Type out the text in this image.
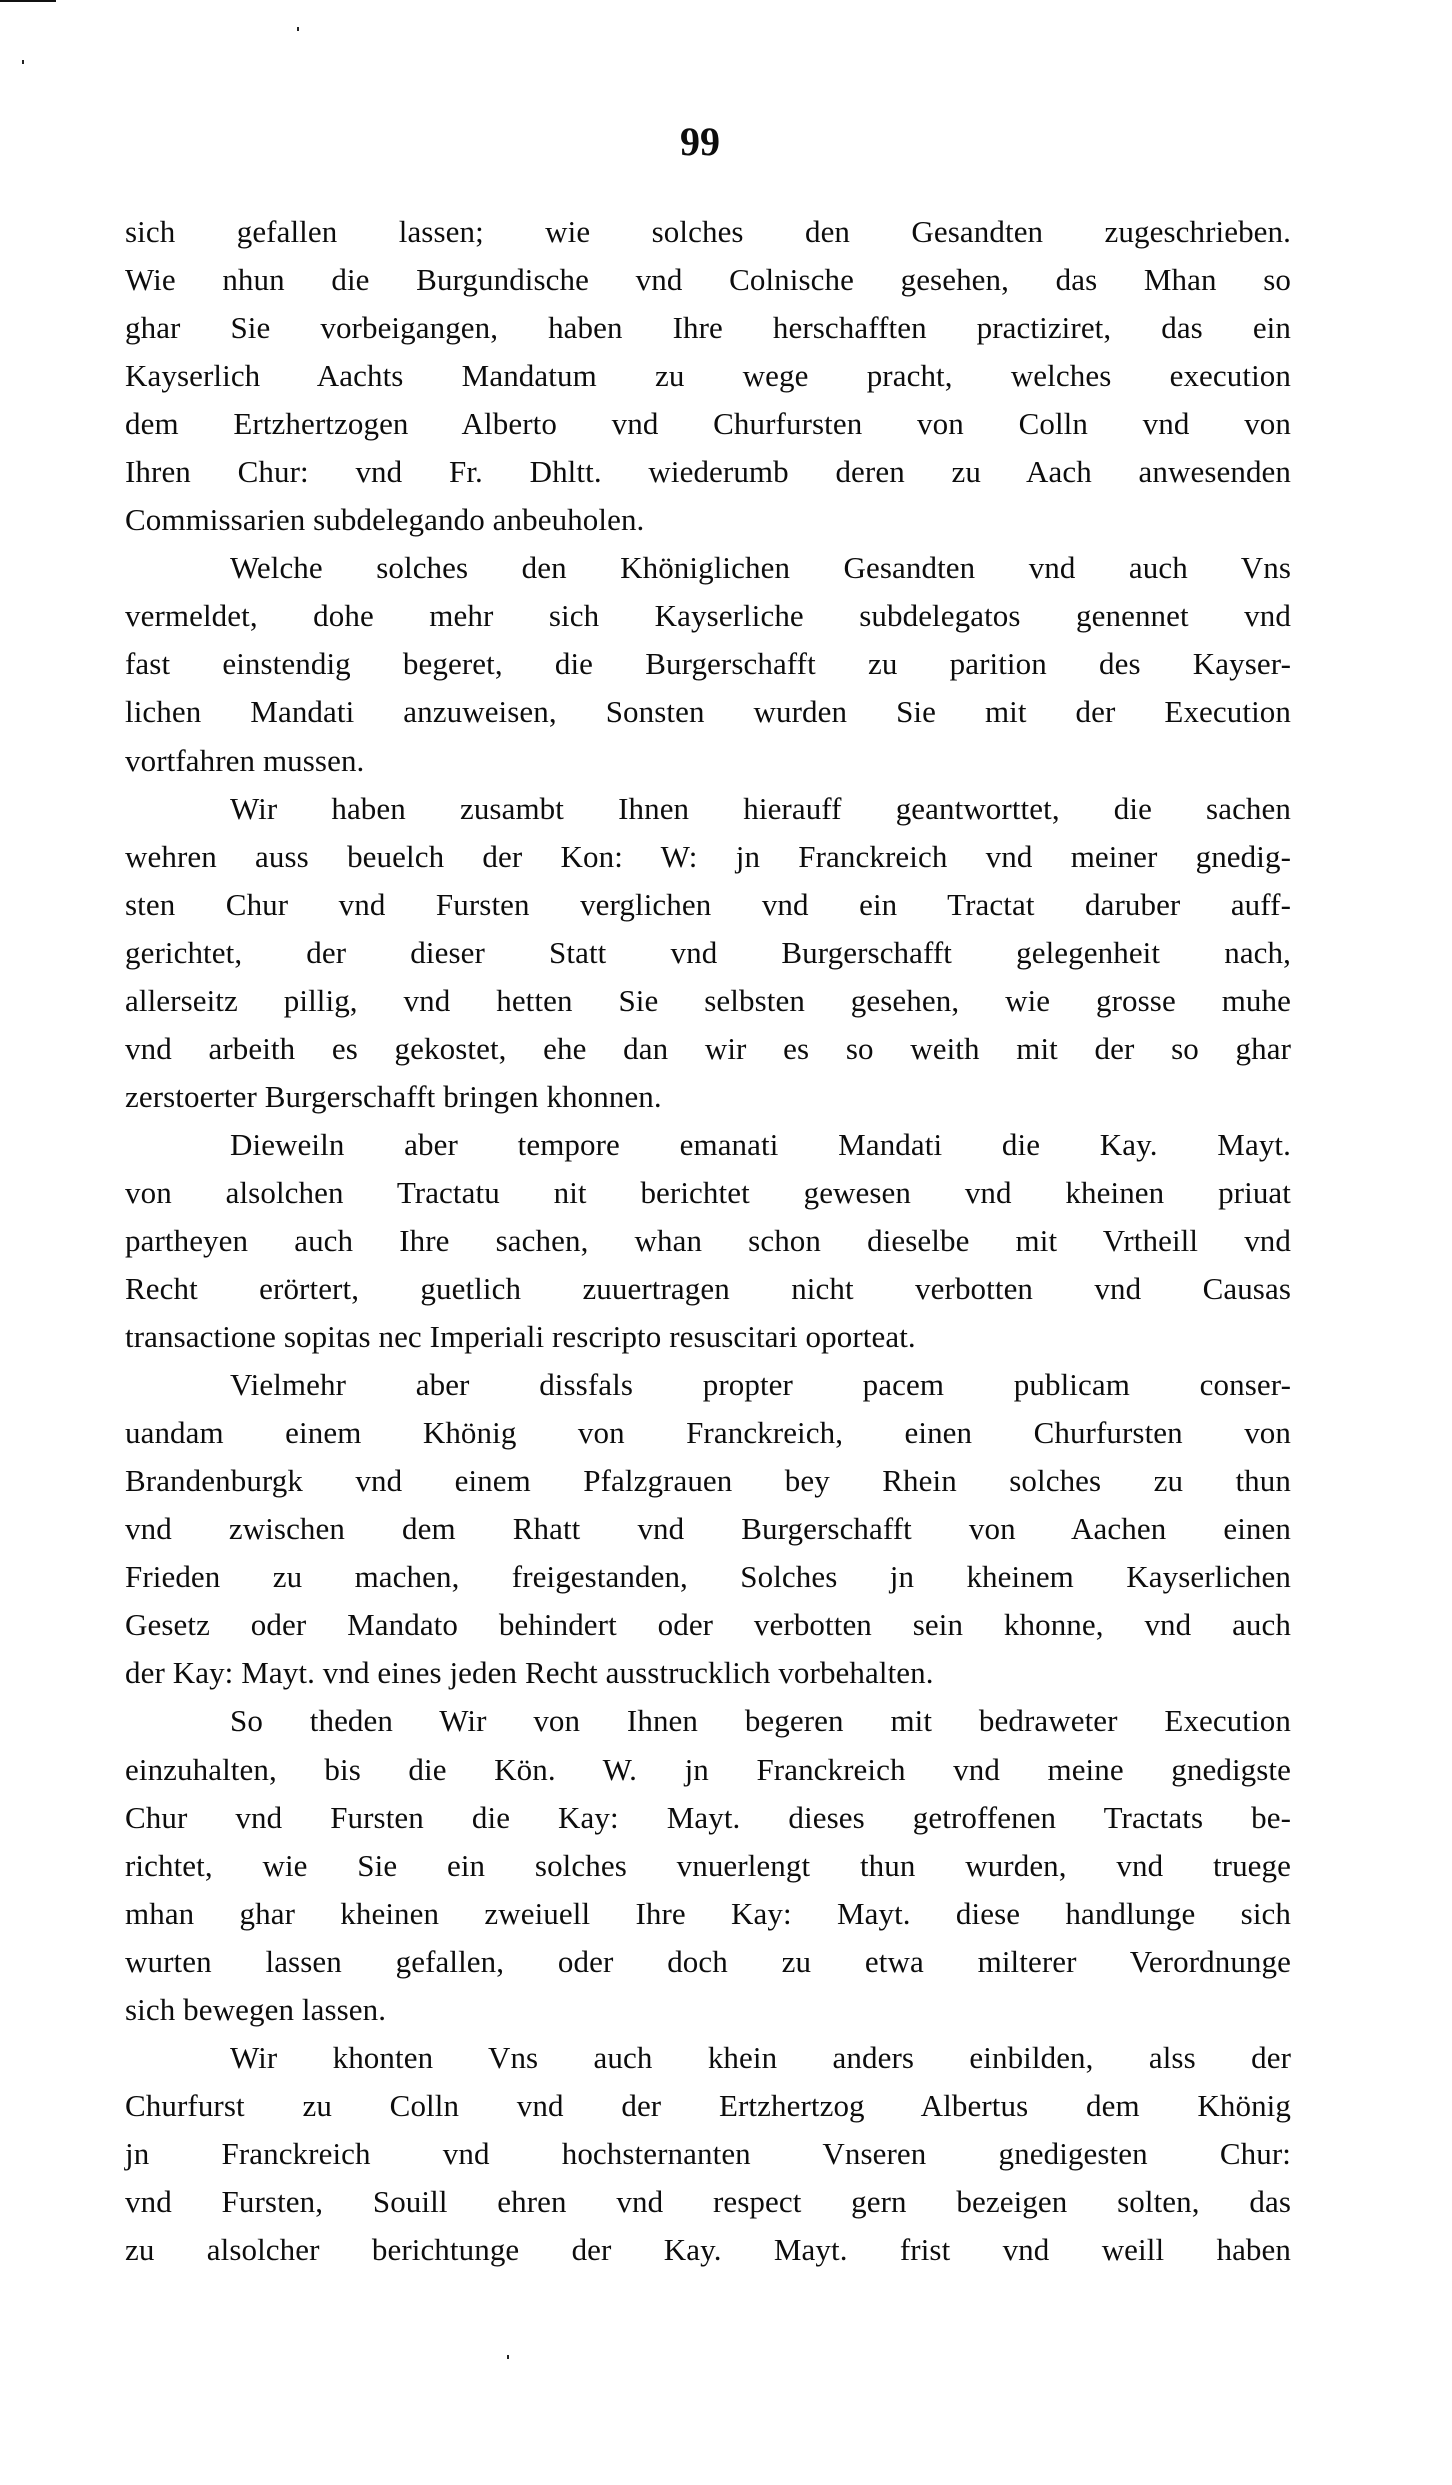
99
sich gefallen lassen; wie solches den Gesandten zugeschrieben.
Wie nhun die Burgundische vnd Colnische gesehen, das Mhan so
ghar Sie vorbeigangen, haben Ihre herschafften practiziret, das ein
Kayserlich Aachts Mandatum zu wege pracht, welches execution
dem Ertzhertzogen Alberto vnd Churfursten von Colln vnd von
Ihren Chur: vnd Fr. Dhltt. wiederumb deren zu Aach anwesenden
Commissarien subdelegando anbeuholen.
Welche solches den Khöniglichen Gesandten vnd auch Vns
vermeldet, dohe mehr sich Kayserliche subdelegatos genennet vnd
fast einstendig begeret, die Burgerschafft zu parition des Kayser-
lichen Mandati anzuweisen, Sonsten wurden Sie mit der Execution
vortfahren mussen.
Wir haben zusambt Ihnen hierauff geantworttet, die sachen
wehren auss beuelch der Kon: W: jn Franckreich vnd meiner gnedig-
sten Chur vnd Fursten verglichen vnd ein Tractat daruber auff-
gerichtet, der dieser Statt vnd Burgerschafft gelegenheit nach,
allerseitz pillig, vnd hetten Sie selbsten gesehen, wie grosse muhe
vnd arbeith es gekostet, ehe dan wir es so weith mit der so ghar
zerstoerter Burgerschafft bringen khonnen.
Dieweiln aber tempore emanati Mandati die Kay. Mayt.
von alsolchen Tractatu nit berichtet gewesen vnd kheinen priuat
partheyen auch Ihre sachen, whan schon dieselbe mit Vrtheill vnd
Recht erörtert, guetlich zuuertragen nicht verbotten vnd Causas
transactione sopitas nec Imperiali rescripto resuscitari oporteat.
Vielmehr aber dissfals propter pacem publicam conser-
uandam einem Khönig von Franckreich, einen Churfursten von
Brandenburgk vnd einem Pfalzgrauen bey Rhein solches zu thun
vnd zwischen dem Rhatt vnd Burgerschafft von Aachen einen
Frieden zu machen, freigestanden, Solches jn kheinem Kayserlichen
Gesetz oder Mandato behindert oder verbotten sein khonne, vnd auch
der Kay: Mayt. vnd eines jeden Recht ausstrucklich vorbehalten.
So theden Wir von Ihnen begeren mit bedraweter Execution
einzuhalten, bis die Kön. W. jn Franckreich vnd meine gnedigste
Chur vnd Fursten die Kay: Mayt. dieses getroffenen Tractats be-
richtet, wie Sie ein solches vnuerlengt thun wurden, vnd truege
mhan ghar kheinen zweiuell Ihre Kay: Mayt. diese handlunge sich
wurten lassen gefallen, oder doch zu etwa milterer Verordnunge
sich bewegen lassen.
Wir khonten Vns auch khein anders einbilden, alss der
Churfurst zu Colln vnd der Ertzhertzog Albertus dem Khönig
jn Franckreich vnd hochsternanten Vnseren gnedigesten Chur:
vnd Fursten, Souill ehren vnd respect gern bezeigen solten, das
zu alsolcher berichtunge der Kay. Mayt. frist vnd weill haben
